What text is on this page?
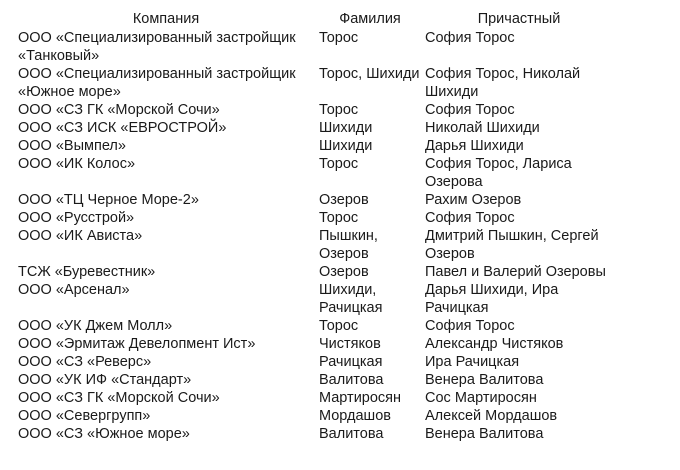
Компания	Фамилия	Причастный
ООО «Специализированный застройщик «Танковый»	Торос	София Торос
ООО «Специализированный застройщик «Южное море»	Торос, Шихиди	София Торос, Николай Шихиди
ООО «СЗ ГК «Морской Сочи»	Торос	София Торос
ООО «СЗ ИСК «ЕВРОСТРОЙ»	Шихиди	Николай Шихиди
ООО «Вымпел»	Шихиди	Дарья Шихиди
ООО «ИК Колос»	Торос	София Торос, Лариса Озерова
ООО «ТЦ Черное Море-2»	Озеров	Рахим Озеров
ООО «Русстрой»	Торос	София Торос
ООО «ИК Ависта»	Пышкин, Озеров	Дмитрий Пышкин, Сергей Озеров
ТСЖ «Буревестник»	Озеров	Павел и Валерий Озеровы
ООО «Арсенал»	Шихиди, Рачицкая	Дарья Шихиди, Ира Рачицкая
ООО «УК Джем Молл»	Торос	София Торос
ООО «Эрмитаж Девелопмент Ист»	Чистяков	Александр Чистяков
ООО «СЗ «Реверс»	Рачицкая	Ира Рачицкая
ООО «УК ИФ «Стандарт»	Валитова	Венера Валитова
ООО «СЗ ГК «Морской Сочи»	Мартиросян	Сос Мартиросян
ООО «Севергрупп»	Мордашов	Алексей Мордашов
ООО «СЗ «Южное море»	Валитова	Венера Валитова
